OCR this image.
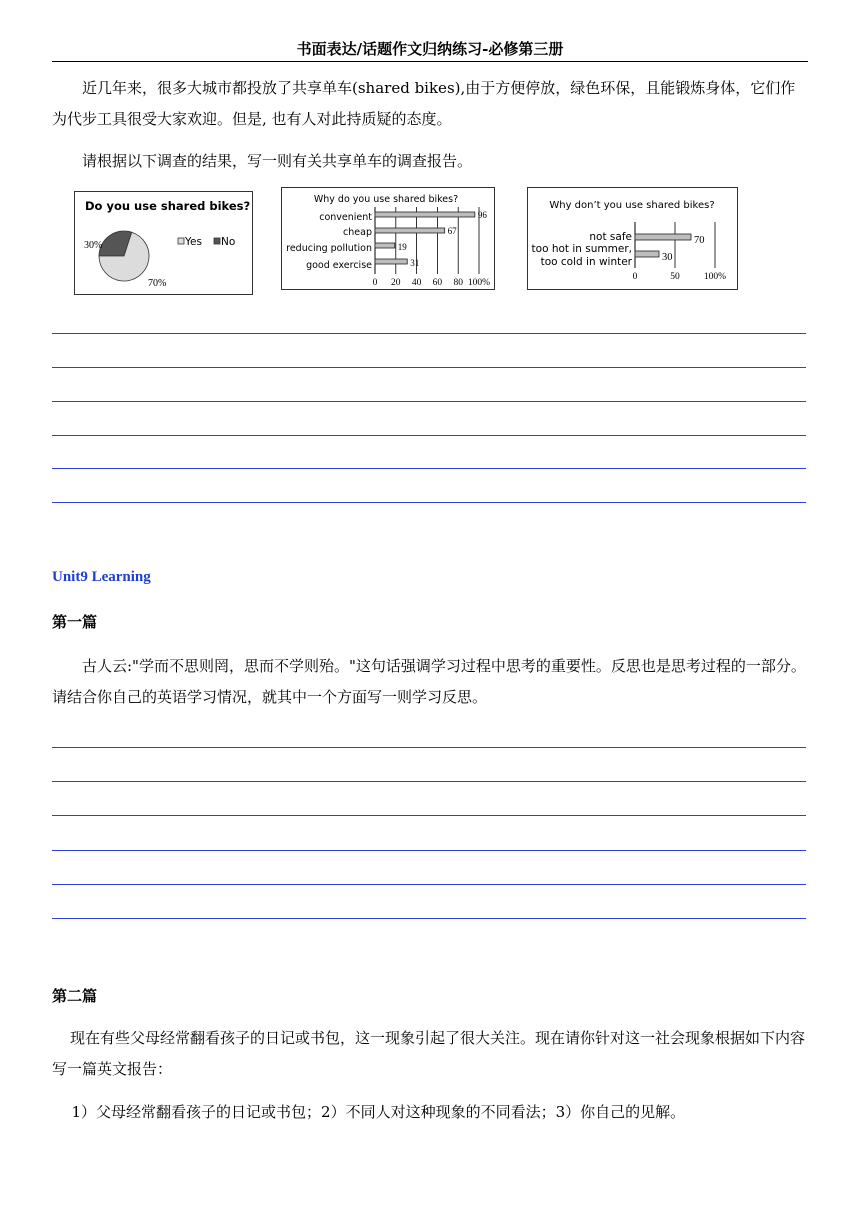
书面表达/话题作文归纳练习-必修第三册

近几年来，很多大城市都投放了共享单车(shared bikes),由于方便停放，绿色环保，且能锻炼身体，它们作为代步工具很受大家欢迎。但是, 也有人对此持质疑的态度。

请根据以下调查的结果，写一则有关共享单车的调查报告。

Do you use shared bikes?
30%
70%
Yes No
Why do you use shared bikes?
convenient	96
cheap	67
reducing pollution	19
good exercise	31
0 20 40 60 80 100%
Why don’t you use shared bikes?
not safe	70
too hot in summer,
too cold in winter	30
0	50	100%
Unit9 Learning
第一篇

古人云:"学而不思则罔，思而不学则殆。"这句话强调学习过程中思考的重要性。反思也是思考过程的一部分。请结合你自己的英语学习情况，就其中一个方面写一则学习反思。

第二篇

现在有些父母经常翻看孩子的日记或书包，这一现象引起了很大关注。现在请你针对这一社会现象根据如下内容写一篇英文报告：

1）父母经常翻看孩子的日记或书包；2）不同人对这种现象的不同看法；3）你自己的见解。
